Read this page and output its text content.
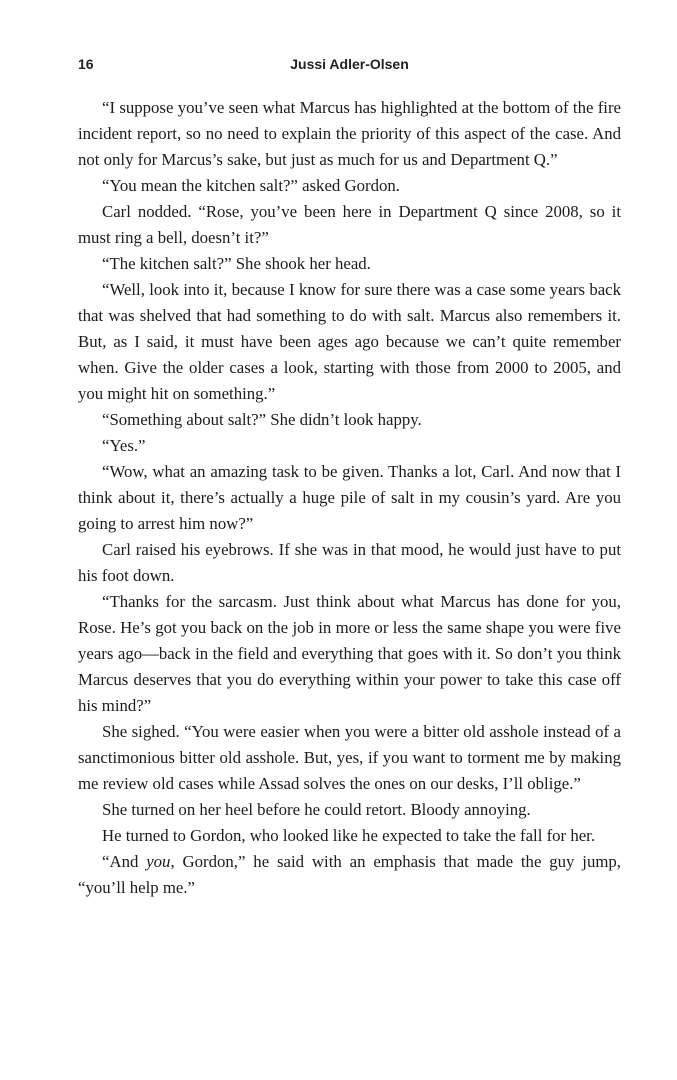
16	Jussi Adler-Olsen

“I suppose you’ve seen what Marcus has highlighted at the bottom of the fire incident report, so no need to explain the priority of this aspect of the case. And not only for Marcus’s sake, but just as much for us and Department Q.”

“You mean the kitchen salt?” asked Gordon.

Carl nodded. “Rose, you’ve been here in Department Q since 2008, so it must ring a bell, doesn’t it?”

“The kitchen salt?” She shook her head.

“Well, look into it, because I know for sure there was a case some years back that was shelved that had something to do with salt. Marcus also remembers it. But, as I said, it must have been ages ago because we can’t quite remember when. Give the older cases a look, starting with those from 2000 to 2005, and you might hit on something.”

“Something about salt?” She didn’t look happy.

“Yes.”

“Wow, what an amazing task to be given. Thanks a lot, Carl. And now that I think about it, there’s actually a huge pile of salt in my cousin’s yard. Are you going to arrest him now?”

Carl raised his eyebrows. If she was in that mood, he would just have to put his foot down.

“Thanks for the sarcasm. Just think about what Marcus has done for you, Rose. He’s got you back on the job in more or less the same shape you were five years ago—back in the field and everything that goes with it. So don’t you think Marcus deserves that you do everything within your power to take this case off his mind?”

She sighed. “You were easier when you were a bitter old asshole instead of a sanctimonious bitter old asshole. But, yes, if you want to torment me by making me review old cases while Assad solves the ones on our desks, I’ll oblige.”

She turned on her heel before he could retort. Bloody annoying.

He turned to Gordon, who looked like he expected to take the fall for her.

“And you, Gordon,” he said with an emphasis that made the guy jump, “you’ll help me.”
